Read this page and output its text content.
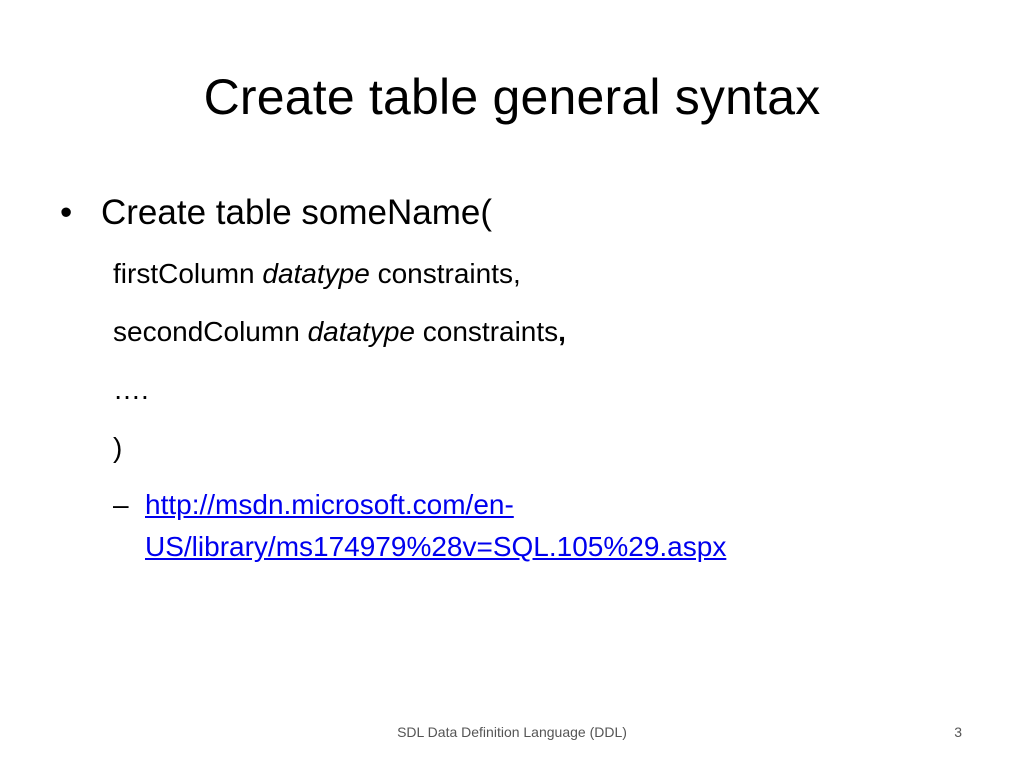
Create table general syntax
• Create table someName(
firstColumn datatype constraints,
secondColumn datatype constraints,
….
)
– http://msdn.microsoft.com/en-
US/library/ms174979%28v=SQL.105%29.aspx
SDL Data Definition Language (DDL)	3
